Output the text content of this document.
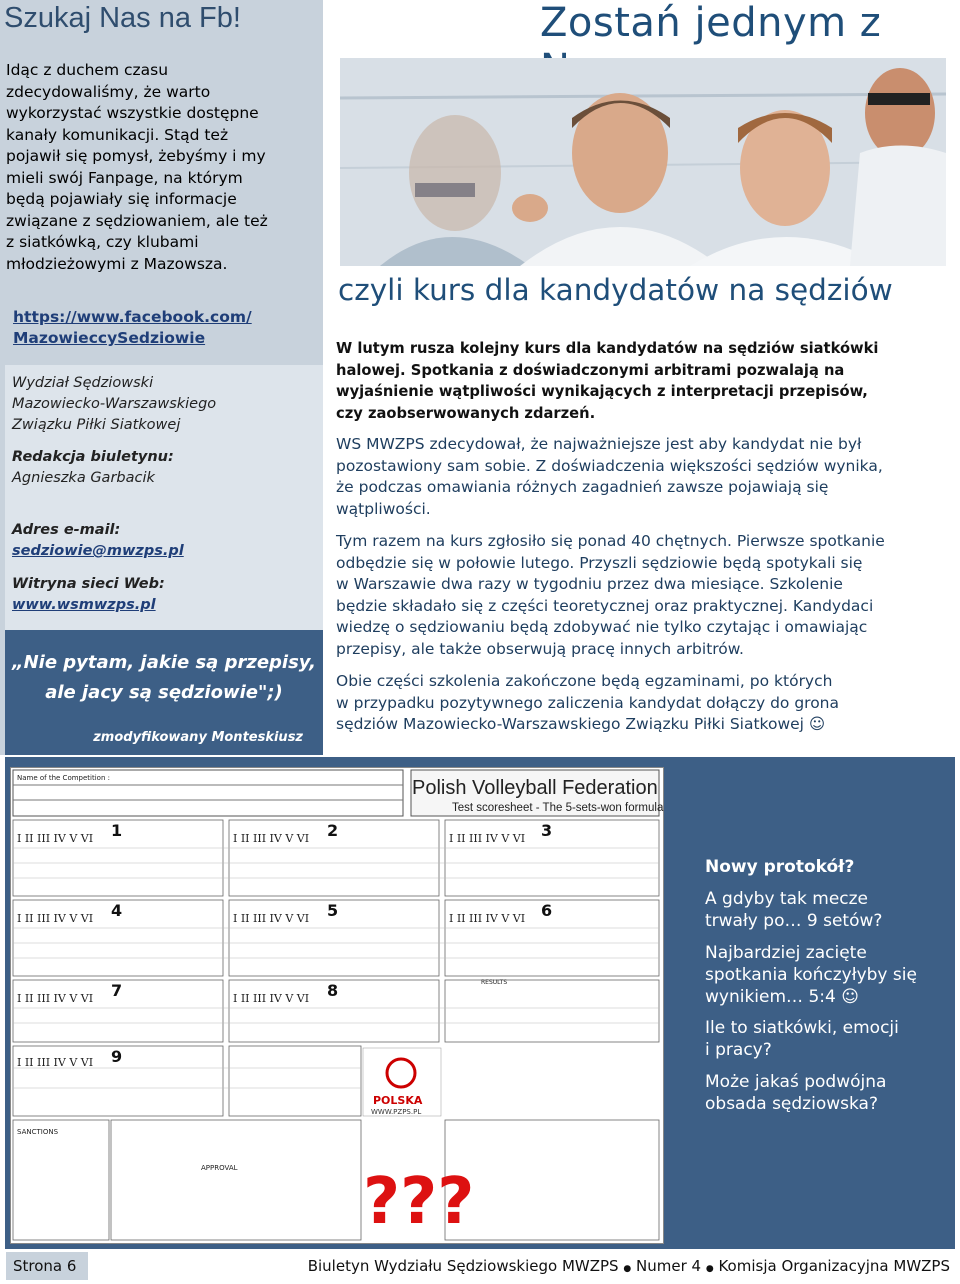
Szukaj Nas na Fb!
Idąc z duchem czasu
zdecydowaliśmy, że warto
wykorzystać wszystkie dostępne
kanały komunikacji. Stąd też
pojawił się pomysł, żebyśmy i my
mieli swój Fanpage, na którym
będą pojawiały się informacje
związane z sędziowaniem, ale też
z siatkówką, czy klubami
młodzieżowymi z Mazowsza.
https://www.facebook.com/
MazowieccySedziowie

Wydział Sędziowski

Mazowiecko-Warszawskiego

Związku Piłki Siatkowej

Redakcja biuletynu:

Agnieszka Garbacik

Adres e-mail:

sedziowie@mwzps.pl

Witryna sieci Web:

www.wsmwzps.pl

„Nie pytam, jakie są przepisy,
ale jacy są sędziowie";)
zmodyfikowany Monteskiusz
Zostań jednym z
czyli kurs dla kandydatów na sędziów
W lutym rusza kolejny kurs dla kandydatów na sędziów siatkówki
halowej. Spotkania z doświadczonymi arbitrami pozwalają na
wyjaśnienie wątpliwości wynikających z interpretacji przepisów,
czy zaobserwowanych zdarzeń.
WS MWZPS zdecydował, że najważniejsze jest aby kandydat nie był
pozostawiony sam sobie. Z doświadczenia większości sędziów wynika,
że podczas omawiania różnych zagadnień zawsze pojawiają się
wątpliwości.
Tym razem na kurs zgłosiło się ponad 40 chętnych. Pierwsze spotkanie
odbędzie się w połowie lutego. Przyszli sędziowie będą spotykali się
w Warszawie dwa razy w tygodniu przez dwa miesiące. Szkolenie
będzie składało się z części teoretycznej oraz praktycznej. Kandydaci
wiedzę o sędziowaniu będą zdobywać nie tylko czytając i omawiając
przepisy, ale także obserwują pracę innych arbitrów.
Obie części szkolenia zakończone będą egzaminami, po których
w przypadku pozytywnego zaliczenia kandydat dołączy do grona
sędziów Mazowiecko-Warszawskiego Związku Piłki Siatkowej ☺
I II III IV V VI	I II III IV V VI	I II III IV V VI
I II III IV V VI	I II III IV V VI	I II III IV V VI
I II III IV V VI	I II III IV V VI
I II III IV V VI
1	2	3
4	5	6
7	8
9
POLSKA
WWW.PZPS.PL
???
SANCTIONS
APPROVAL
RESULTS
Name of the Competition :	Polish Volleyball Federation
Test scoresheet - The 5-sets-won formula

Nowy protokół?

A gdyby tak mecze
trwały po… 9 setów?
Najbardziej zacięte
spotkania kończyłyby się
wynikiem… 5:4 ☺
Ile to siatkówki, emocji
i pracy?
Może jakaś podwójna
obsada sędziowska?
Strona 6	Biuletyn Wydziału Sędziowskiego MWZPS ● Numer 4 ● Komisja Organizacyjna MWZPS
